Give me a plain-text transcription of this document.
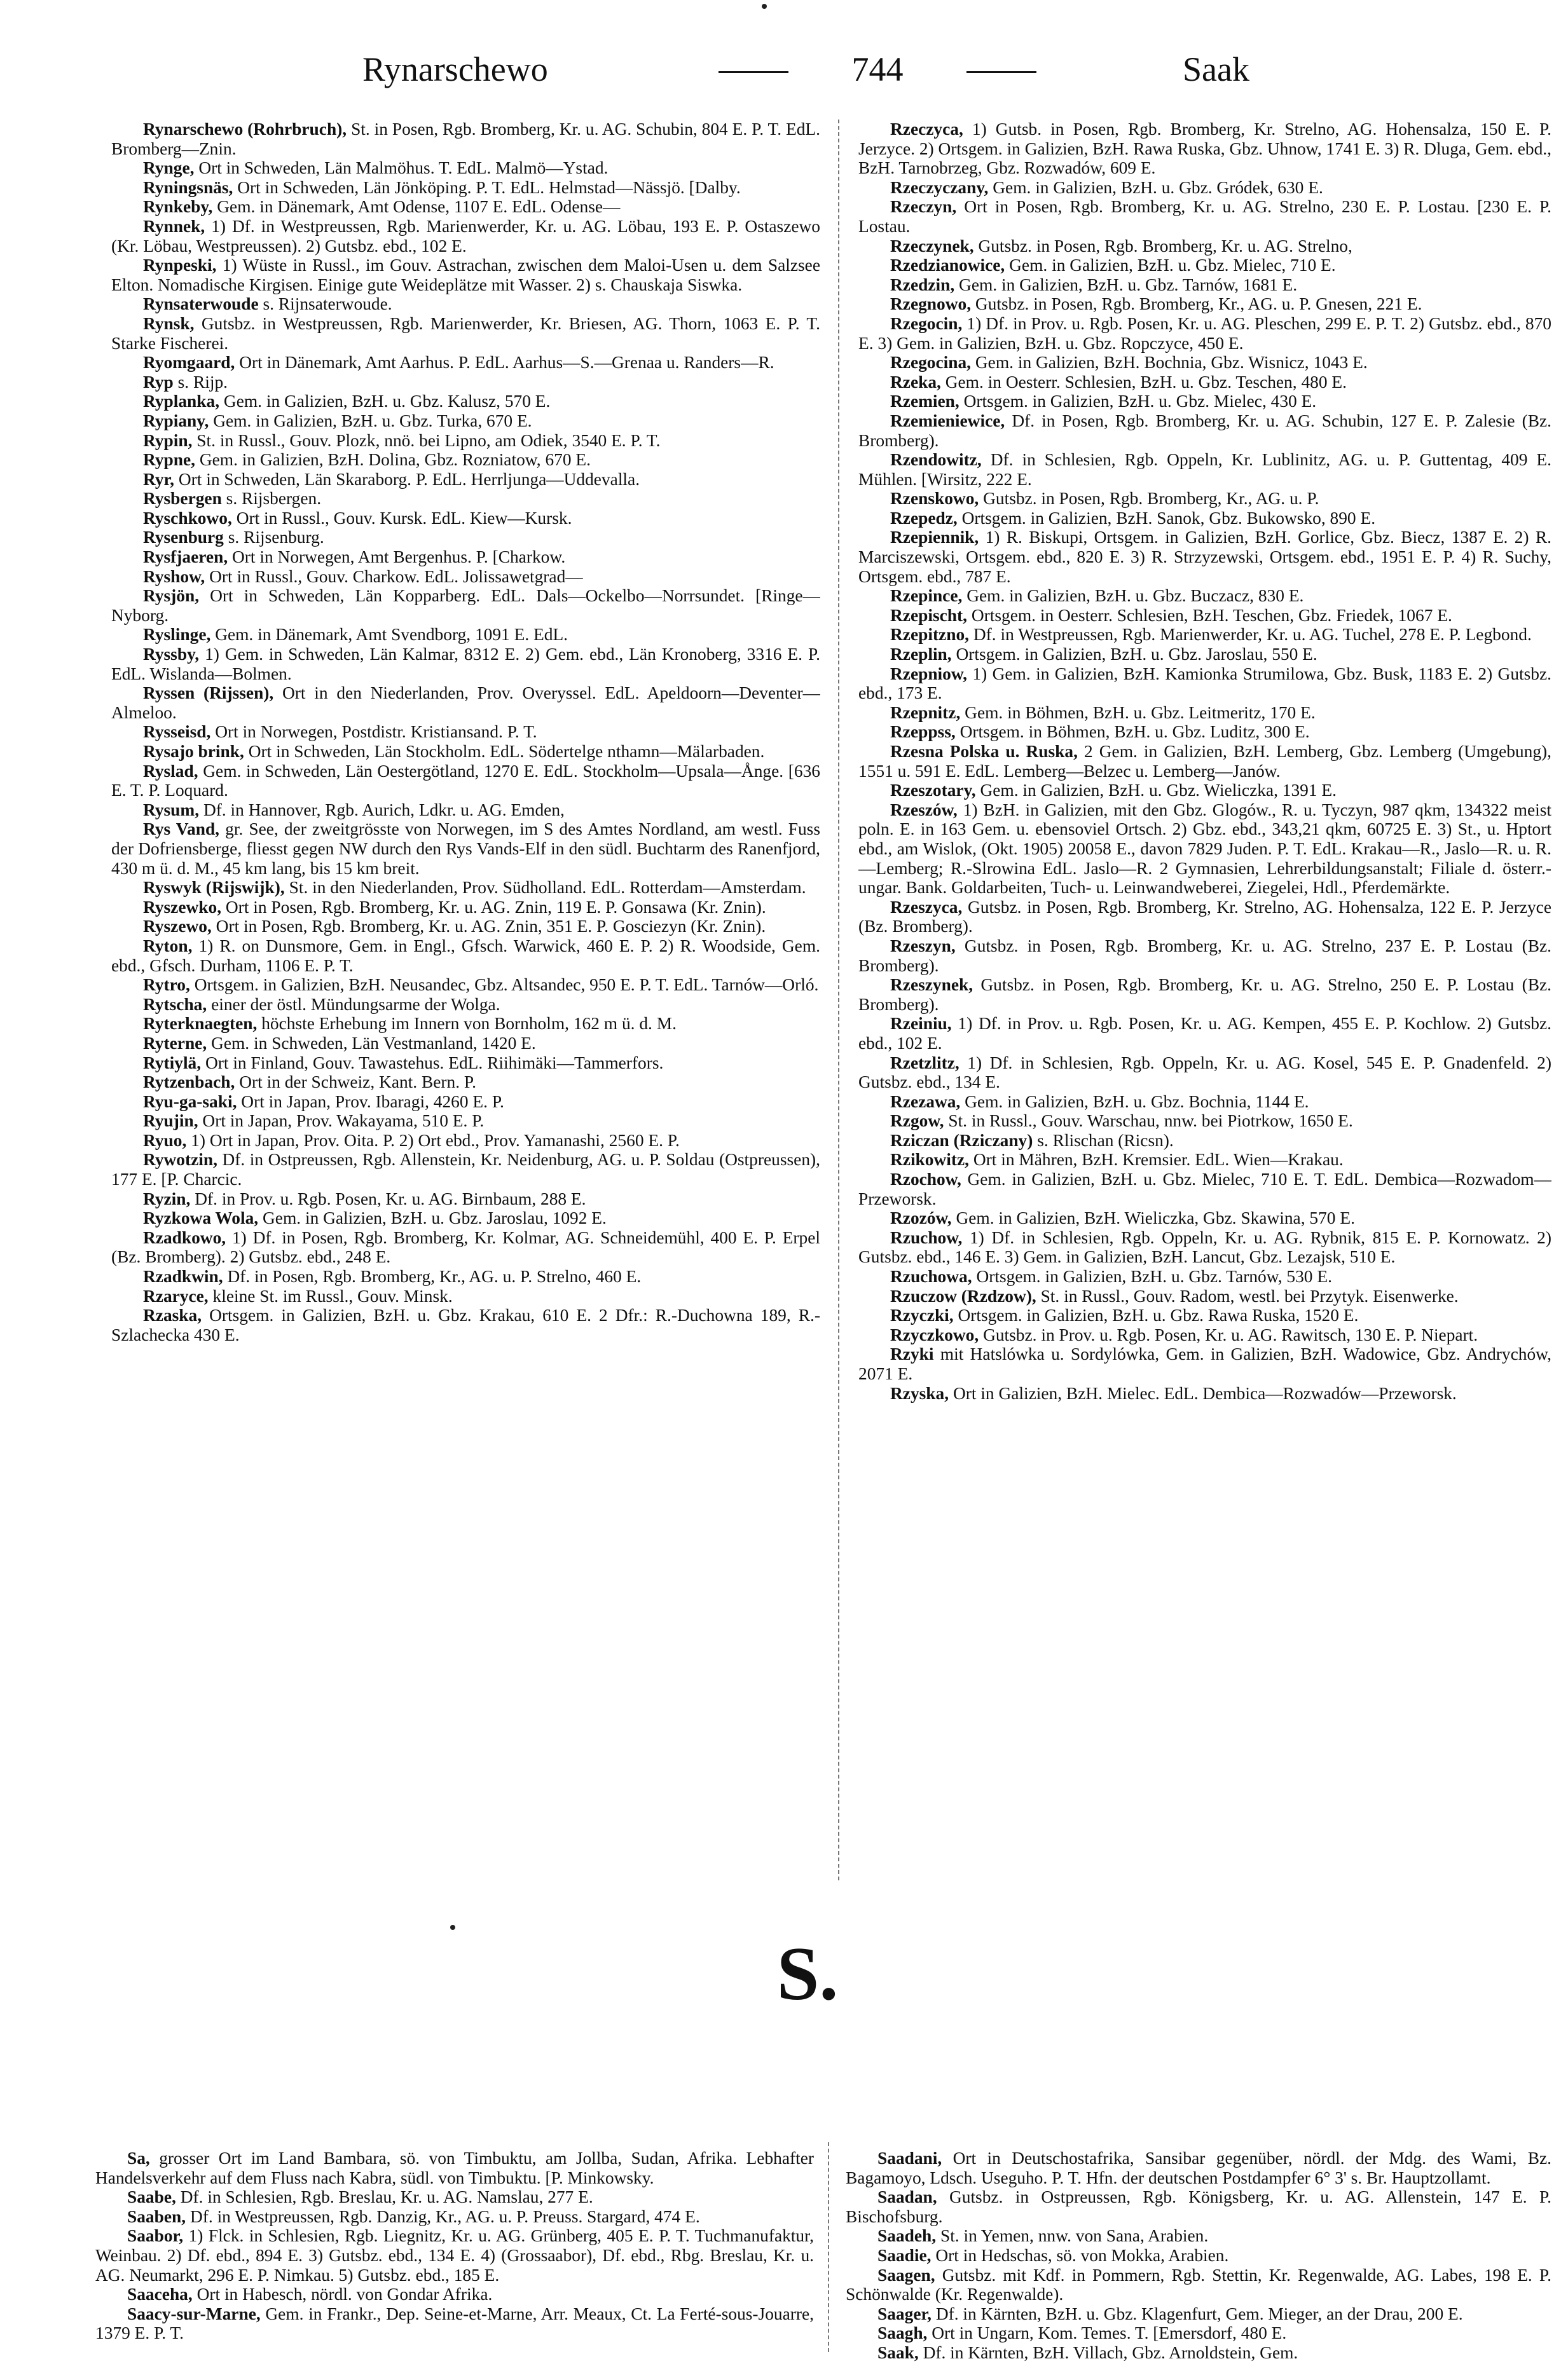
Rynarschewo	744	Saak

Rynarschewo (Rohrbruch), St. in Posen, Rgb. Bromberg, Kr. u. AG. Schubin, 804 E. P. T. EdL. Bromberg—Znin.

Rynge, Ort in Schweden, Län Malmöhus. T. EdL. Malmö—Ystad.

Ryningsnäs, Ort in Schweden, Län Jönköping. P. T. EdL. Helmstad—Nässjö. [Dalby.

Rynkeby, Gem. in Dänemark, Amt Odense, 1107 E. EdL. Odense—

Rynnek, 1) Df. in Westpreussen, Rgb. Marienwerder, Kr. u. AG. Löbau, 193 E. P. Ostaszewo (Kr. Löbau, Westpreussen). 2) Gutsbz. ebd., 102 E.

Rynpeski, 1) Wüste in Russl., im Gouv. Astrachan, zwischen dem Maloi-Usen u. dem Salzsee Elton. Nomadische Kirgisen. Einige gute Weideplätze mit Wasser. 2) s. Chauskaja Siswka.

Rynsaterwoude s. Rijnsaterwoude.

Rynsk, Gutsbz. in Westpreussen, Rgb. Marienwerder, Kr. Briesen, AG. Thorn, 1063 E. P. T. Starke Fischerei.

Ryomgaard, Ort in Dänemark, Amt Aarhus. P. EdL. Aarhus—S.—Grenaa u. Randers—R.

Ryp s. Rijp.

Ryplanka, Gem. in Galizien, BzH. u. Gbz. Kalusz, 570 E.

Rypiany, Gem. in Galizien, BzH. u. Gbz. Turka, 670 E.

Rypin, St. in Russl., Gouv. Plozk, nnö. bei Lipno, am Odiek, 3540 E. P. T.

Rypne, Gem. in Galizien, BzH. Dolina, Gbz. Rozniatow, 670 E.

Ryr, Ort in Schweden, Län Skaraborg. P. EdL. Herrljunga—Uddevalla.

Rysbergen s. Rijsbergen.

Ryschkowo, Ort in Russl., Gouv. Kursk. EdL. Kiew—Kursk.

Rysenburg s. Rijsenburg.

Rysfjaeren, Ort in Norwegen, Amt Bergenhus. P. [Charkow.

Ryshow, Ort in Russl., Gouv. Charkow. EdL. Jolissawetgrad—

Rysjön, Ort in Schweden, Län Kopparberg. EdL. Dals—Ockelbo—Norrsundet. [Ringe—Nyborg.

Ryslinge, Gem. in Dänemark, Amt Svendborg, 1091 E. EdL.

Ryssby, 1) Gem. in Schweden, Län Kalmar, 8312 E. 2) Gem. ebd., Län Kronoberg, 3316 E. P. EdL. Wislanda—Bolmen.

Ryssen (Rijssen), Ort in den Niederlanden, Prov. Overyssel. EdL. Apeldoorn—Deventer—Almeloo.

Rysseisd, Ort in Norwegen, Postdistr. Kristiansand. P. T.

Rysajo brink, Ort in Schweden, Län Stockholm. EdL. Södertelge nthamn—Mälarbaden.

Ryslad, Gem. in Schweden, Län Oestergötland, 1270 E. EdL. Stockholm—Upsala—Ånge. [636 E. T. P. Loquard.

Rysum, Df. in Hannover, Rgb. Aurich, Ldkr. u. AG. Emden,

Rys Vand, gr. See, der zweitgrösste von Norwegen, im S des Amtes Nordland, am westl. Fuss der Dofriensberge, fliesst gegen NW durch den Rys Vands-Elf in den südl. Buchtarm des Ranenfjord, 430 m ü. d. M., 45 km lang, bis 15 km breit.

Ryswyk (Rijswijk), St. in den Niederlanden, Prov. Südholland. EdL. Rotterdam—Amsterdam.

Ryszewko, Ort in Posen, Rgb. Bromberg, Kr. u. AG. Znin, 119 E. P. Gonsawa (Kr. Znin).

Ryszewo, Ort in Posen, Rgb. Bromberg, Kr. u. AG. Znin, 351 E. P. Gosciezyn (Kr. Znin).

Ryton, 1) R. on Dunsmore, Gem. in Engl., Gfsch. Warwick, 460 E. P. 2) R. Woodside, Gem. ebd., Gfsch. Durham, 1106 E. P. T.

Rytro, Ortsgem. in Galizien, BzH. Neusandec, Gbz. Altsandec, 950 E. P. T. EdL. Tarnów—Orló.

Rytscha, einer der östl. Mündungsarme der Wolga.

Ryterknaegten, höchste Erhebung im Innern von Bornholm, 162 m ü. d. M.

Ryterne, Gem. in Schweden, Län Vestmanland, 1420 E.

Rytiylä, Ort in Finland, Gouv. Tawastehus. EdL. Riihimäki—Tammerfors.

Rytzenbach, Ort in der Schweiz, Kant. Bern. P.

Ryu-ga-saki, Ort in Japan, Prov. Ibaragi, 4260 E. P.

Ryujin, Ort in Japan, Prov. Wakayama, 510 E. P.

Ryuo, 1) Ort in Japan, Prov. Oita. P. 2) Ort ebd., Prov. Yamanashi, 2560 E. P.

Rywotzin, Df. in Ostpreussen, Rgb. Allenstein, Kr. Neidenburg, AG. u. P. Soldau (Ostpreussen), 177 E. [P. Charcic.

Ryzin, Df. in Prov. u. Rgb. Posen, Kr. u. AG. Birnbaum, 288 E.

Ryzkowa Wola, Gem. in Galizien, BzH. u. Gbz. Jaroslau, 1092 E.

Rzadkowo, 1) Df. in Posen, Rgb. Bromberg, Kr. Kolmar, AG. Schneidemühl, 400 E. P. Erpel (Bz. Bromberg). 2) Gutsbz. ebd., 248 E.

Rzadkwin, Df. in Posen, Rgb. Bromberg, Kr., AG. u. P. Strelno, 460 E.

Rzaryce, kleine St. im Russl., Gouv. Minsk.

Rzaska, Ortsgem. in Galizien, BzH. u. Gbz. Krakau, 610 E. 2 Dfr.: R.-Duchowna 189, R.-Szlachecka 430 E.

Rzeczyca, 1) Gutsb. in Posen, Rgb. Bromberg, Kr. Strelno, AG. Hohensalza, 150 E. P. Jerzyce. 2) Ortsgem. in Galizien, BzH. Rawa Ruska, Gbz. Uhnow, 1741 E. 3) R. Dluga, Gem. ebd., BzH. Tarnobrzeg, Gbz. Rozwadów, 609 E.

Rzeczyczany, Gem. in Galizien, BzH. u. Gbz. Gródek, 630 E.

Rzeczyn, Ort in Posen, Rgb. Bromberg, Kr. u. AG. Strelno, 230 E. P. Lostau. [230 E. P. Lostau.

Rzeczynek, Gutsbz. in Posen, Rgb. Bromberg, Kr. u. AG. Strelno,

Rzedzianowice, Gem. in Galizien, BzH. u. Gbz. Mielec, 710 E.

Rzedzin, Gem. in Galizien, BzH. u. Gbz. Tarnów, 1681 E.

Rzegnowo, Gutsbz. in Posen, Rgb. Bromberg, Kr., AG. u. P. Gnesen, 221 E.

Rzegocin, 1) Df. in Prov. u. Rgb. Posen, Kr. u. AG. Pleschen, 299 E. P. T. 2) Gutsbz. ebd., 870 E. 3) Gem. in Galizien, BzH. u. Gbz. Ropczyce, 450 E.

Rzegocina, Gem. in Galizien, BzH. Bochnia, Gbz. Wisnicz, 1043 E.

Rzeka, Gem. in Oesterr. Schlesien, BzH. u. Gbz. Teschen, 480 E.

Rzemien, Ortsgem. in Galizien, BzH. u. Gbz. Mielec, 430 E.

Rzemieniewice, Df. in Posen, Rgb. Bromberg, Kr. u. AG. Schubin, 127 E. P. Zalesie (Bz. Bromberg).

Rzendowitz, Df. in Schlesien, Rgb. Oppeln, Kr. Lublinitz, AG. u. P. Guttentag, 409 E. Mühlen. [Wirsitz, 222 E.

Rzenskowo, Gutsbz. in Posen, Rgb. Bromberg, Kr., AG. u. P.

Rzepedz, Ortsgem. in Galizien, BzH. Sanok, Gbz. Bukowsko, 890 E.

Rzepiennik, 1) R. Biskupi, Ortsgem. in Galizien, BzH. Gorlice, Gbz. Biecz, 1387 E. 2) R. Marciszewski, Ortsgem. ebd., 820 E. 3) R. Strzyzewski, Ortsgem. ebd., 1951 E. P. 4) R. Suchy, Ortsgem. ebd., 787 E.

Rzepince, Gem. in Galizien, BzH. u. Gbz. Buczacz, 830 E.

Rzepischt, Ortsgem. in Oesterr. Schlesien, BzH. Teschen, Gbz. Friedek, 1067 E.

Rzepitzno, Df. in Westpreussen, Rgb. Marienwerder, Kr. u. AG. Tuchel, 278 E. P. Legbond.

Rzeplin, Ortsgem. in Galizien, BzH. u. Gbz. Jaroslau, 550 E.

Rzepniow, 1) Gem. in Galizien, BzH. Kamionka Strumilowa, Gbz. Busk, 1183 E. 2) Gutsbz. ebd., 173 E.

Rzepnitz, Gem. in Böhmen, BzH. u. Gbz. Leitmeritz, 170 E.

Rzeppss, Ortsgem. in Böhmen, BzH. u. Gbz. Luditz, 300 E.

Rzesna Polska u. Ruska, 2 Gem. in Galizien, BzH. Lemberg, Gbz. Lemberg (Umgebung), 1551 u. 591 E. EdL. Lemberg—Belzec u. Lemberg—Janów.

Rzeszotary, Gem. in Galizien, BzH. u. Gbz. Wieliczka, 1391 E.

Rzeszów, 1) BzH. in Galizien, mit den Gbz. Glogów., R. u. Tyczyn, 987 qkm, 134322 meist poln. E. in 163 Gem. u. ebensoviel Ortsch. 2) Gbz. ebd., 343,21 qkm, 60725 E. 3) St., u. Hptort ebd., am Wislok, (Okt. 1905) 20058 E., davon 7829 Juden. P. T. EdL. Krakau—R., Jaslo—R. u. R.—Lemberg; R.-Slrowina EdL. Jaslo—R. 2 Gymnasien, Lehrerbildungsanstalt; Filiale d. österr.-ungar. Bank. Goldarbeiten, Tuch- u. Leinwandweberei, Ziegelei, Hdl., Pferdemärkte.

Rzeszyca, Gutsbz. in Posen, Rgb. Bromberg, Kr. Strelno, AG. Hohensalza, 122 E. P. Jerzyce (Bz. Bromberg).

Rzeszyn, Gutsbz. in Posen, Rgb. Bromberg, Kr. u. AG. Strelno, 237 E. P. Lostau (Bz. Bromberg).

Rzeszynek, Gutsbz. in Posen, Rgb. Bromberg, Kr. u. AG. Strelno, 250 E. P. Lostau (Bz. Bromberg).

Rzeiniu, 1) Df. in Prov. u. Rgb. Posen, Kr. u. AG. Kempen, 455 E. P. Kochlow. 2) Gutsbz. ebd., 102 E.

Rzetzlitz, 1) Df. in Schlesien, Rgb. Oppeln, Kr. u. AG. Kosel, 545 E. P. Gnadenfeld. 2) Gutsbz. ebd., 134 E.

Rzezawa, Gem. in Galizien, BzH. u. Gbz. Bochnia, 1144 E.

Rzgow, St. in Russl., Gouv. Warschau, nnw. bei Piotrkow, 1650 E.

Rziczan (Rziczany) s. Rlischan (Ricsn).

Rzikowitz, Ort in Mähren, BzH. Kremsier. EdL. Wien—Krakau.

Rzochow, Gem. in Galizien, BzH. u. Gbz. Mielec, 710 E. T. EdL. Dembica—Rozwadom—Przeworsk.

Rzozów, Gem. in Galizien, BzH. Wieliczka, Gbz. Skawina, 570 E.

Rzuchow, 1) Df. in Schlesien, Rgb. Oppeln, Kr. u. AG. Rybnik, 815 E. P. Kornowatz. 2) Gutsbz. ebd., 146 E. 3) Gem. in Galizien, BzH. Lancut, Gbz. Lezajsk, 510 E.

Rzuchowa, Ortsgem. in Galizien, BzH. u. Gbz. Tarnów, 530 E.

Rzuczow (Rzdzow), St. in Russl., Gouv. Radom, westl. bei Przytyk. Eisenwerke.

Rzyczki, Ortsgem. in Galizien, BzH. u. Gbz. Rawa Ruska, 1520 E.

Rzyczkowo, Gutsbz. in Prov. u. Rgb. Posen, Kr. u. AG. Rawitsch, 130 E. P. Niepart.

Rzyki mit Hatslówka u. Sordylówka, Gem. in Galizien, BzH. Wadowice, Gbz. Andrychów, 2071 E.

Rzyska, Ort in Galizien, BzH. Mielec. EdL. Dembica—Rozwadów—Przeworsk.

S.

Sa, grosser Ort im Land Bambara, sö. von Timbuktu, am Jollba, Sudan, Afrika. Lebhafter Handelsverkehr auf dem Fluss nach Kabra, südl. von Timbuktu. [P. Minkowsky.

Saabe, Df. in Schlesien, Rgb. Breslau, Kr. u. AG. Namslau, 277 E.

Saaben, Df. in Westpreussen, Rgb. Danzig, Kr., AG. u. P. Preuss. Stargard, 474 E.

Saabor, 1) Flck. in Schlesien, Rgb. Liegnitz, Kr. u. AG. Grünberg, 405 E. P. T. Tuchmanufaktur, Weinbau. 2) Df. ebd., 894 E. 3) Gutsbz. ebd., 134 E. 4) (Grossaabor), Df. ebd., Rbg. Breslau, Kr. u. AG. Neumarkt, 296 E. P. Nimkau. 5) Gutsbz. ebd., 185 E.

Saaceha, Ort in Habesch, nördl. von Gondar Afrika.

Saacy-sur-Marne, Gem. in Frankr., Dep. Seine-et-Marne, Arr. Meaux, Ct. La Ferté-sous-Jouarre, 1379 E. P. T.

Saadani, Ort in Deutschostafrika, Sansibar gegenüber, nördl. der Mdg. des Wami, Bz. Bagamoyo, Ldsch. Useguho. P. T. Hfn. der deutschen Postdampfer 6° 3' s. Br. Hauptzollamt.

Saadan, Gutsbz. in Ostpreussen, Rgb. Königsberg, Kr. u. AG. Allenstein, 147 E. P. Bischofsburg.

Saadeh, St. in Yemen, nnw. von Sana, Arabien.

Saadie, Ort in Hedschas, sö. von Mokka, Arabien.

Saagen, Gutsbz. mit Kdf. in Pommern, Rgb. Stettin, Kr. Regenwalde, AG. Labes, 198 E. P. Schönwalde (Kr. Regenwalde).

Saager, Df. in Kärnten, BzH. u. Gbz. Klagenfurt, Gem. Mieger, an der Drau, 200 E.

Saagh, Ort in Ungarn, Kom. Temes. T. [Emersdorf, 480 E.

Saak, Df. in Kärnten, BzH. Villach, Gbz. Arnoldstein, Gem.
